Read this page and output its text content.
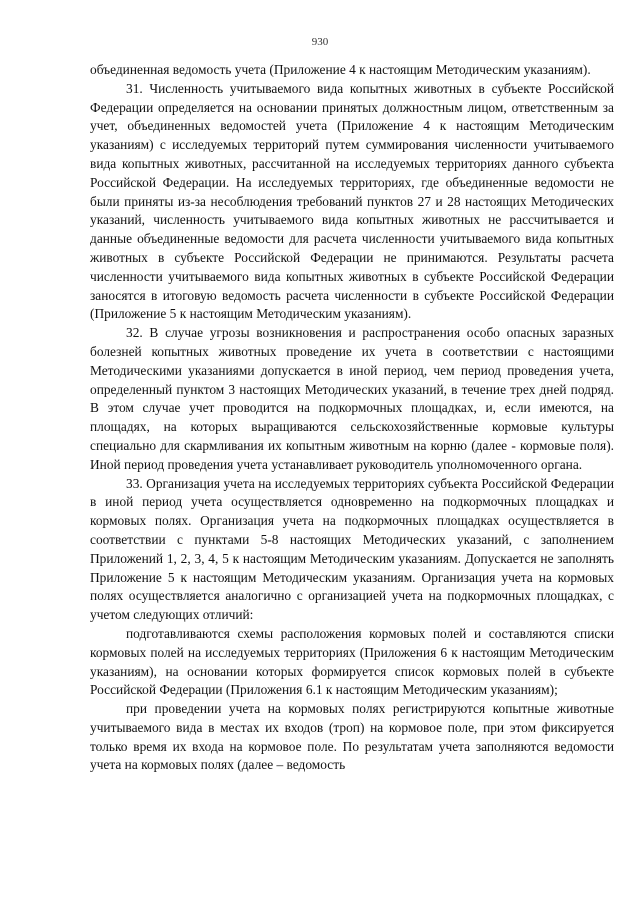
930

объединенная ведомость учета (Приложение 4 к настоящим Методическим указаниям).

31. Численность учитываемого вида копытных животных в субъекте Российской Федерации определяется на основании принятых должностным лицом, ответственным за учет, объединенных ведомостей учета (Приложение 4 к настоящим Методическим указаниям) с исследуемых территорий путем суммирования численности учитываемого вида копытных животных, рассчитанной на исследуемых территориях данного субъекта Российской Федерации. На исследуемых территориях, где объединенные ведомости не были приняты из-за несоблюдения требований пунктов 27 и 28 настоящих Методических указаний, численность учитываемого вида копытных животных не рассчитывается и данные объединенные ведомости для расчета численности учитываемого вида копытных животных в субъекте Российской Федерации не принимаются. Результаты расчета численности учитываемого вида копытных животных в субъекте Российской Федерации заносятся в итоговую ведомость расчета численности в субъекте Российской Федерации (Приложение 5 к настоящим Методическим указаниям).

32. В случае угрозы возникновения и распространения особо опасных заразных болезней копытных животных проведение их учета в соответствии с настоящими Методическими указаниями допускается в иной период, чем период проведения учета, определенный пунктом 3 настоящих Методических указаний, в течение трех дней подряд. В этом случае учет проводится на подкормочных площадках, и, если имеются, на площадях, на которых выращиваются сельскохозяйственные кормовые культуры специально для скармливания их копытным животным на корню (далее - кормовые поля). Иной период проведения учета устанавливает руководитель уполномоченного органа.

33. Организация учета на исследуемых территориях субъекта Российской Федерации в иной период учета осуществляется одновременно на подкормочных площадках и кормовых полях. Организация учета на подкормочных площадках осуществляется в соответствии с пунктами 5-8 настоящих Методических указаний, с заполнением Приложений 1, 2, 3, 4, 5 к настоящим Методическим указаниям. Допускается не заполнять Приложение 5 к настоящим Методическим указаниям. Организация учета на кормовых полях осуществляется аналогично с организацией учета на подкормочных площадках, с учетом следующих отличий:

подготавливаются схемы расположения кормовых полей и составляются списки кормовых полей на исследуемых территориях (Приложения 6 к настоящим Методическим указаниям), на основании которых формируется список кормовых полей в субъекте Российской Федерации (Приложения 6.1 к настоящим Методическим указаниям);

при проведении учета на кормовых полях регистрируются копытные животные учитываемого вида в местах их входов (троп) на кормовое поле, при этом фиксируется только время их входа на кормовое поле. По результатам учета заполняются ведомости учета на кормовых полях (далее – ведомость
